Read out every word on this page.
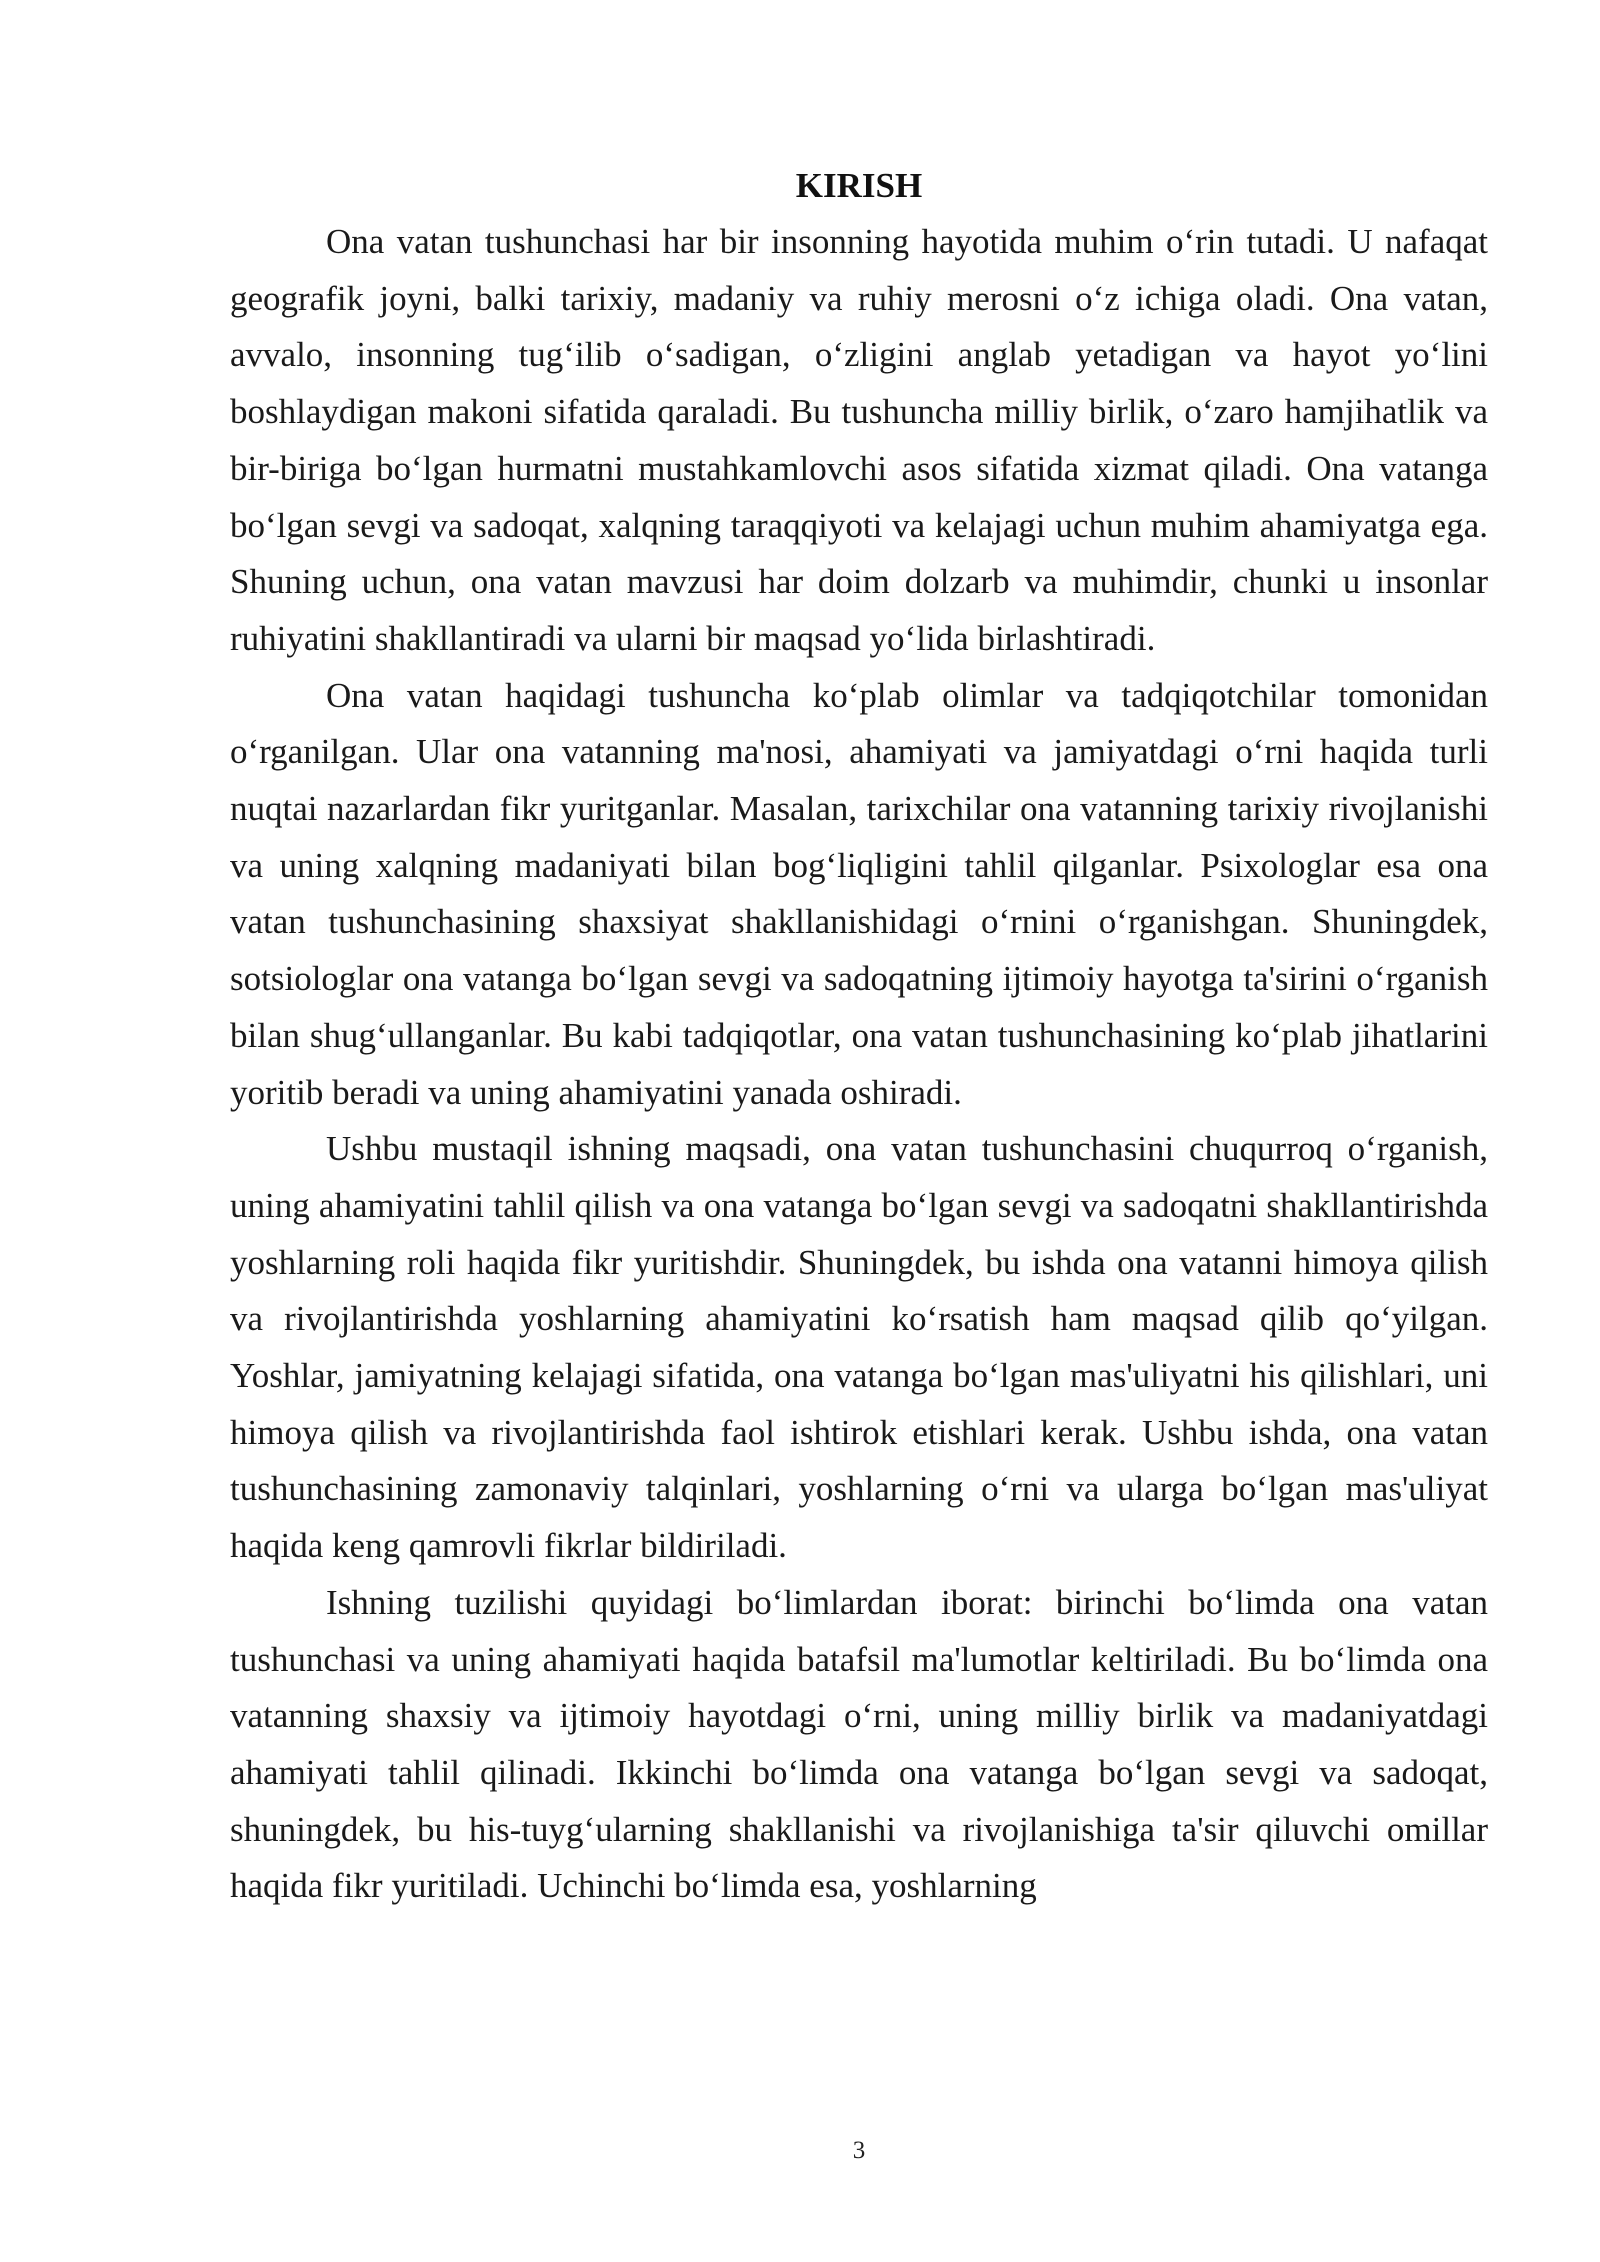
KIRISH

Ona vatan tushunchasi har bir insonning hayotida muhim o‘rin tutadi. U nafaqat geografik joyni, balki tarixiy, madaniy va ruhiy merosni o‘z ichiga oladi. Ona vatan, avvalo, insonning tug‘ilib o‘sadigan, o‘zligini anglab yetadigan va hayot yo‘lini boshlaydigan makoni sifatida qaraladi. Bu tushuncha milliy birlik, o‘zaro hamjihatlik va bir-biriga bo‘lgan hurmatni mustahkamlovchi asos sifatida xizmat qiladi. Ona vatanga bo‘lgan sevgi va sadoqat, xalqning taraqqiyoti va kelajagi uchun muhim ahamiyatga ega. Shuning uchun, ona vatan mavzusi har doim dolzarb va muhimdir, chunki u insonlar ruhiyatini shakllantiradi va ularni bir maqsad yo‘lida birlashtiradi.

Ona vatan haqidagi tushuncha ko‘plab olimlar va tadqiqotchilar tomonidan o‘rganilgan. Ular ona vatanning ma'nosi, ahamiyati va jamiyatdagi o‘rni haqida turli nuqtai nazarlardan fikr yuritganlar. Masalan, tarixchilar ona vatanning tarixiy rivojlanishi va uning xalqning madaniyati bilan bog‘liqligini tahlil qilganlar. Psixologlar esa ona vatan tushunchasining shaxsiyat shakllanishidagi o‘rnini o‘rganishgan. Shuningdek, sotsiologlar ona vatanga bo‘lgan sevgi va sadoqatning ijtimoiy hayotga ta'sirini o‘rganish bilan shug‘ullanganlar. Bu kabi tadqiqotlar, ona vatan tushunchasining ko‘plab jihatlarini yoritib beradi va uning ahamiyatini yanada oshiradi.

Ushbu mustaqil ishning maqsadi, ona vatan tushunchasini chuqurroq o‘rganish, uning ahamiyatini tahlil qilish va ona vatanga bo‘lgan sevgi va sadoqatni shakllantirishda yoshlarning roli haqida fikr yuritishdir. Shuningdek, bu ishda ona vatanni himoya qilish va rivojlantirishda yoshlarning ahamiyatini ko‘rsatish ham maqsad qilib qo‘yilgan. Yoshlar, jamiyatning kelajagi sifatida, ona vatanga bo‘lgan mas'uliyatni his qilishlari, uni himoya qilish va rivojlantirishda faol ishtirok etishlari kerak. Ushbu ishda, ona vatan tushunchasining zamonaviy talqinlari, yoshlarning o‘rni va ularga bo‘lgan mas'uliyat haqida keng qamrovli fikrlar bildiriladi.

Ishning tuzilishi quyidagi bo‘limlardan iborat: birinchi bo‘limda ona vatan tushunchasi va uning ahamiyati haqida batafsil ma'lumotlar keltiriladi. Bu bo‘limda ona vatanning shaxsiy va ijtimoiy hayotdagi o‘rni, uning milliy birlik va madaniyatdagi ahamiyati tahlil qilinadi. Ikkinchi bo‘limda ona vatanga bo‘lgan sevgi va sadoqat, shuningdek, bu his-tuyg‘ularning shakllanishi va rivojlanishiga ta'sir qiluvchi omillar haqida fikr yuritiladi. Uchinchi bo‘limda esa, yoshlarning

3
